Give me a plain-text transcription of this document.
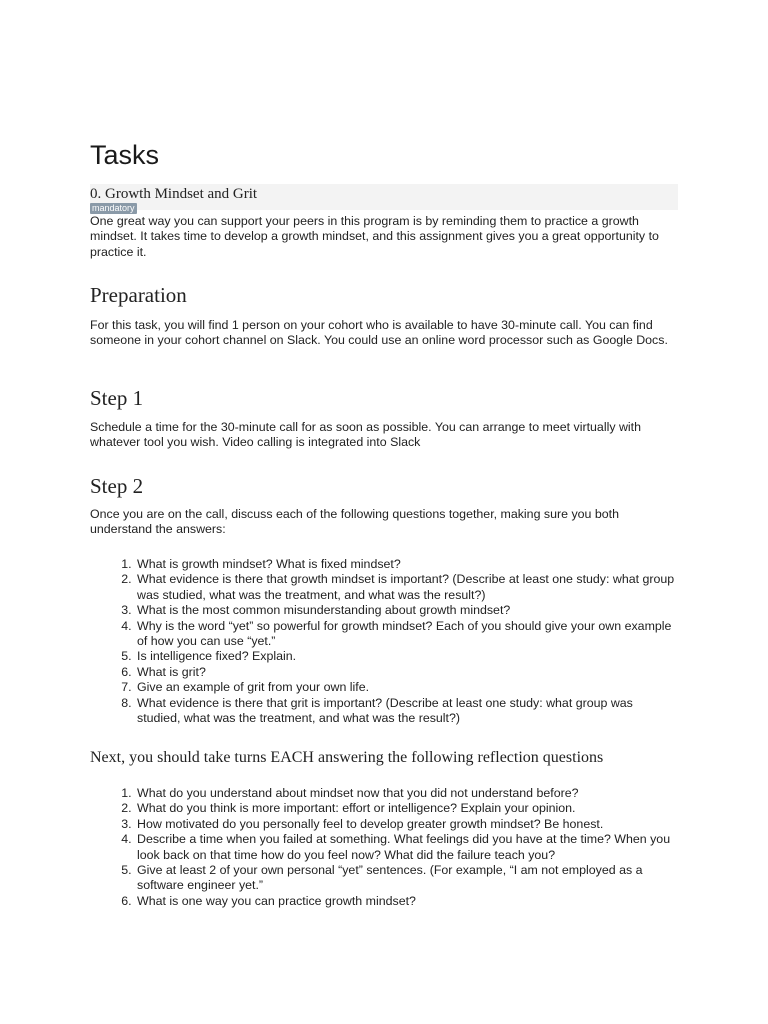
Tasks
0. Growth Mindset and Grit
mandatory

One great way you can support your peers in this program is by reminding them to practice a growth mindset. It takes time to develop a growth mindset, and this assignment gives you a great opportunity to practice it.

Preparation

For this task, you will find 1 person on your cohort who is available to have 30-minute call. You can find someone in your cohort channel on Slack. You could use an online word processor such as Google Docs.

Step 1

Schedule a time for the 30-minute call for as soon as possible. You can arrange to meet virtually with whatever tool you wish. Video calling is integrated into Slack

Step 2

Once you are on the call, discuss each of the following questions together, making sure you both understand the answers:

1. What is growth mindset? What is fixed mindset?
2. What evidence is there that growth mindset is important? (Describe at least one study: what group was studied, what was the treatment, and what was the result?)
3. What is the most common misunderstanding about growth mindset?
4. Why is the word “yet” so powerful for growth mindset? Each of you should give your own example of how you can use “yet.”
5. Is intelligence fixed? Explain.
6. What is grit?
7. Give an example of grit from your own life.
8. What evidence is there that grit is important? (Describe at least one study: what group was studied, what was the treatment, and what was the result?)
Next, you should take turns EACH answering the following reflection questions
1. What do you understand about mindset now that you did not understand before?
2. What do you think is more important: effort or intelligence? Explain your opinion.
3. How motivated do you personally feel to develop greater growth mindset? Be honest.
4. Describe a time when you failed at something. What feelings did you have at the time? When you look back on that time how do you feel now? What did the failure teach you?
5. Give at least 2 of your own personal “yet” sentences. (For example, “I am not employed as a software engineer yet.”
6. What is one way you can practice growth mindset?
